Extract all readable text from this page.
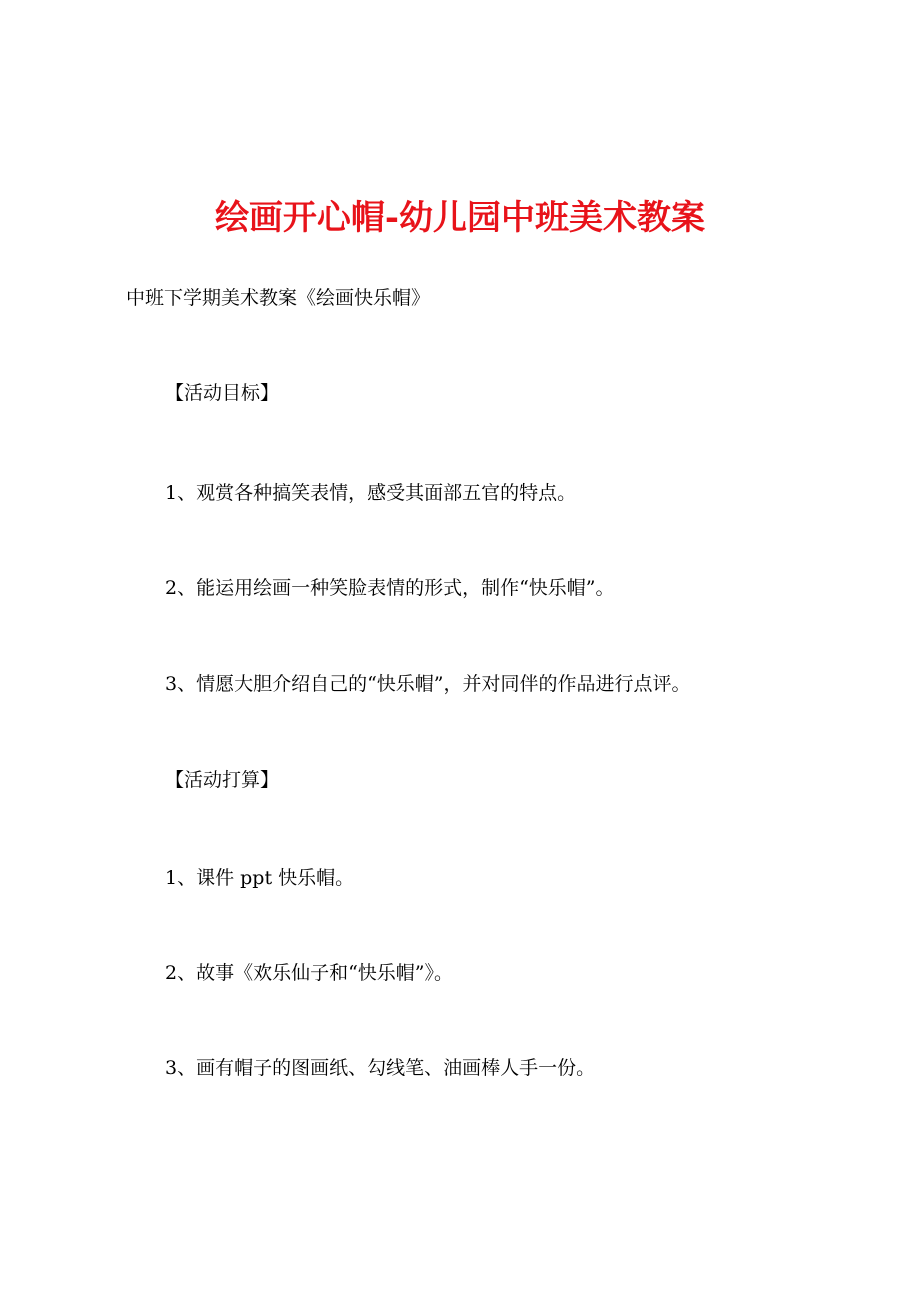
绘画开心帽-幼儿园中班美术教案
中班下学期美术教案《绘画快乐帽》
【活动目标】
1、观赏各种搞笑表情，感受其面部五官的特点。
2、能运用绘画一种笑脸表情的形式，制作“快乐帽”。
3、情愿大胆介绍自己的“快乐帽”，并对同伴的作品进行点评。
【活动打算】
1、课件 ppt 快乐帽。
2、故事《欢乐仙子和“快乐帽”》。
3、画有帽子的图画纸、勾线笔、油画棒人手一份。
